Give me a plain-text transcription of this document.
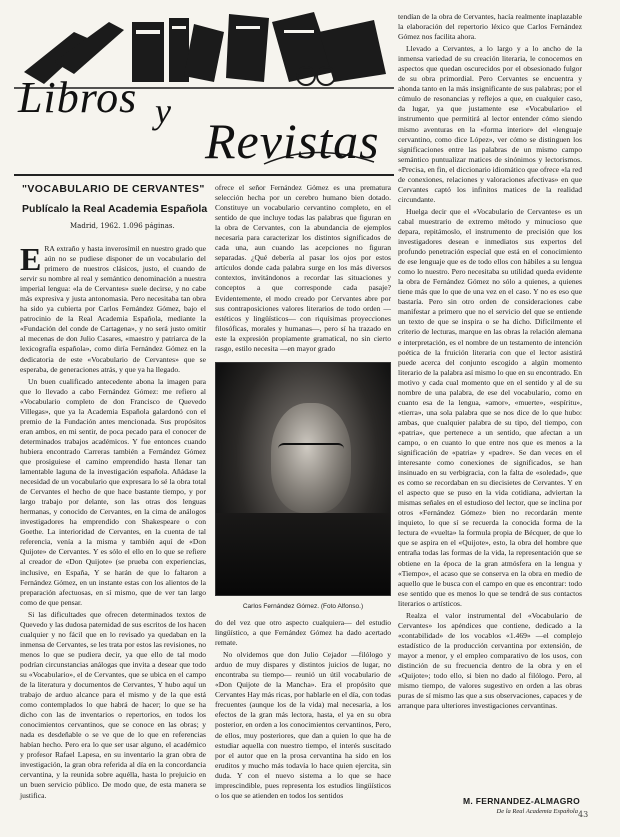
Libros y
Revistas
"VOCABULARIO DE CERVANTES"
Publícalo la Real Academia Española
Madrid, 1962. 1.096 páginas.
E RA extraño y hasta inverosímil en nuestro grado que aún no se pudiese disponer de un vocabulario del primero de nuestros clásicos, justo, el cuando de servir su nombre al real y semántico denominación a nuestra imperial lengua: «la de Cervantes» suele decirse, y no cabe más expresiva y justa antonomasia. Pero necesitaba tan obra ha sido ya cubierta por Carlos Fernández Gómez, bajo el patrocinio de la Real Academia Española, mediante la «Fundación del conde de Cartagena», y no será justo omitir al mecenas de don Julio Casares, «maestro y patriarca de la lexicografía española», como diría Fernández Gómez en la dedicatoria de este «Vocabulario de Cervantes» que se esperaba, de generaciones atrás, y que ya ha llegado.

Un buen cualificado antecedente abona la imagen para que lo llevado a cabo Fernández Gómez: me refiero al «Vocabulario completo de don Francisco de Quevedo Villegas», que ya la Academia Española galardonó con el premio de la Fundación antes mencionada. Sus propósitos eran ambos, en mi sentir, de poca pecado para el conocer de determinados trabajos académicos. Y fue entonces cuando hubiera encontrado Carreras también a Fernández Gómez que prosiguiese el camino emprendido hasta llenar tan lamentable laguna de la investigación española. Añádase la necesidad de un vocabulario que expresara lo sé la obra total de Cervantes el hecho de que hace bastante tiempo, y por largo trabajo por delante, son las otras dos lenguas hermanas, y conocido de Cervantes, en la cima de análogos investigadores ha emprendido con Shakespeare o con Goethe. La interioridad de Cervantes, en la cuenta de tal referencia, venía a la misma y también aquí de «Don Quijote» de Cervantes. Y es sólo el ello en lo que se refiere al creador de «Don Quijote» (se prueba con experiencias, inclusive, en España, Y se harán de que lo faltaron a Fernández Gómez, en un instante estas con los alientos de la preparación afectuosas, en sí mismo, que de ver tan largo como de que pensar.

Si las dificultades que ofrecen determinados textos de Quevedo y las dudosa paternidad de sus escritos de los hacen cualquier y no fácil que en lo revisado ya quedaban en la inmensa de Cervantes, se les trata por estos las revisiones, no menos lo que se pudiera decir, ya que ello de tal modo podrían circunstancias análogas que invita a desear que todo su «Vocabulario», el de Cervantes, que se ubica en el campo de la literatura y documentos de Cervantes, Y hubo aquí un trabajo de arduo alcance para el mismo y de la que está como contemplados lo que habrá de hacer; lo que se ha dicho con las de inventarios o repertorios, en todos los conocimientos cervantinos, que se conoce en las obras; y nada es desdeñable o se ve que de lo que en referencias habían hecho. Pero era lo que ser usar alguno, el académico y profesor Rafael Lapesa, en su inventario la gran obra de investigación, la gran obra referida al día en la concordancia cervantina, y la reunida sobre aquélla, hasta lo prejuicio en un buen servicio público. De modo que, de esta manera se justifica.

ofrece el señor Fernández Gómez es una prematura selección hecha por un cerebro humano bien dotado. Constituye un vocabulario cervantino completo, en el sentido de que incluye todas las palabras que figuran en la obra de Cervantes, con la abundancia de ejemplos necesaria para caracterizar los distintos significados de cada una, aun cuando las acepciones no figuran separadas. ¿Qué debería al pasar los ojos por estos artículos donde cada palabra surge en los más diversos contextos, invitándonos a recordar las situaciones y conceptos a que corresponde cada pasaje? Evidentemente, el modo creado por Cervantes abre por sus contraposiciones valores literarios de todo orden —estéticos y lingüísticos— con riquísimas proyecciones filosóficas, morales y humanas—, pero sí ha trazado en este la expresión propiamente gramatical, no sin cierto rasgo, estilo necesita —en mayor grado

Carlos Fernández Gómez. (Foto Alfonso.)

do del vez que otro aspecto cualquiera— del estudio lingüístico, a que Fernández Gómez ha dado acertado remate.

No olvidemos que don Julio Cejador —filólogo y arduo de muy dispares y distintos juicios de lugar, no encontraba su tiempo— reunió un útil vocabulario de «Don Quijote de la Mancha». Era el propósito que Cervantes Hay más ricas, por hablarle en el día, con todas frecuentes (aunque los de la vida) mal necesaria, a los efectos de la gran más lectora, hasta, el ya en su obra posterior, en orden a los conocimientos cervantinos, Pero, de ellos, muy posteriores, que dan a quien lo que ha de estudiar aquella con nuestro tiempo, el interés suscitado por el autor que en la prosa cervantina ha sido en los eruditos y mucho más todavía lo hace quien ejercita, sin duda. Y con el nuevo sistema a lo que se hace imprescindible, pues representa los estudios lingüísticos o los que se atienden en todos los sentidos

tendían de la obra de Cervantes, hacía realmente inaplazable la elaboración del repertorio léxico que Carlos Fernández Gómez nos facilita ahora.

Llevado a Cervantes, a lo largo y a lo ancho de la inmensa variedad de su creación literaria, le conocemos en aspectos que quedan oscurecidos por el obsesionado fulgor de su obra primordial. Pero Cervantes se encuentra y ahonda tanto en la más insignificante de sus palabras; por el cúmulo de resonancias y reflejos a que, en cualquier caso, da lugar, ya que justamente ese «Vocabulario» el instrumento que permitirá al lector entender cómo siendo mismo aventuras en la «forma interior» del «lenguaje cervantino, como dice López», ver cómo se distinguen los significaciones entre las palabras de un mismo campo semántico puntualizar matices de sinónimos y lectorismos. «Precisa, en fin, el diccionario idiomático que ofrece «la red de conexiones, relaciones y valoraciones afectivas» en que Cervantes captó los infinitos matices de la realidad circundante.

Huelga decir que el «Vocabulario de Cervantes» es un cabal muestrario de extremo método y minucioso que depara, repitámoslo, el instrumento de precisión que los investigadores desean e inmediatos sus expertos del profundo penetración especial que está en el conocimiento de ese lenguaje que es de todo ellos con hábiles a su lengua como lo nuestro. Pero necesitaba su utilidad queda evidente la obra de Fernández Gómez no sólo a quienes, a quienes tiene más que lo que de una vez en el caso. Y no es eso que bastaría. Pero sin otro orden de consideraciones cabe manifestar a primero que no el servicio del que se entiende un texto de que se inspira o se ha dicho. Difícilmente el criterio de lecturas, marque en las obras la relación alemana e interpretación, es el nombre de un testamento de intención poética de la fruición literaria con que el lector asistirá puede acerca del conjunto escogido a algún momento literario de la palabra así mismo lo que en su encontrado. En motivo y cada cual momento que en el sentido y al de su nombre de una palabra, de ese del vocabulario, como en cuanto esa de la lengua, «amor», «muerte», «espíritu», «tierra», una sola palabra que se nos dice de lo que hubo: ambas, que cualquier palabra de su tipo, del tiempo, con «patria», que pertenece a un sentido, que afectan a un campo, o en cuanto lo que entre nos que es menos a la significación de «patria» y «padre». Se dan veces en el interesante como conexiones de significados, se han insinuado en su verbigracia, con la falta de «soledad», que es como se recordaban en su diecisietes de Cervantes. Y en el aspecto que se puso en la vida cotidiana, adviertan la mismas señales en el estudioso del lector, que se inclina por otros «Fernández Gómez» bien no recordarán mente inquieto, lo que sí se recuerda la conocida forma de la lectura de «vuelta» la formula propia de Bécquer, de que lo que se aspira en el «Quijote», esto, la obra del hombre que entraña todas las formas de la vida, la representación que se obtiene en la época de la gran atmósfera en la lengua y «Tiempo», el acaso que se conserva en la obra en medio de aquello que le busca con el campo en que es encontrar: todo ese sentido que es menos lo que se tendrá de sus contactos literarios o artísticos.

Realza el valor instrumental del «Vocabulario de Cervantes» los apéndices que contiene, dedicado a la «contabilidad» de los vocablos «1.469» —el complejo estadístico de la producción cervantina por extensión, de mayor a menor, y el empleo comparativo de los usos, con distinción de su frecuencia dentro de la obra y en el «Quijote»; todo ello, si bien no dado al filólogo. Pero, al mismo tiempo, de valores sugestivo en orden a las obras puras de sí mismo las que a sus observaciones, capaces y de arranque para ulteriores investigaciones cervantinas.

M. FERNANDEZ-ALMAGRO
De la Real Academia Española 43
